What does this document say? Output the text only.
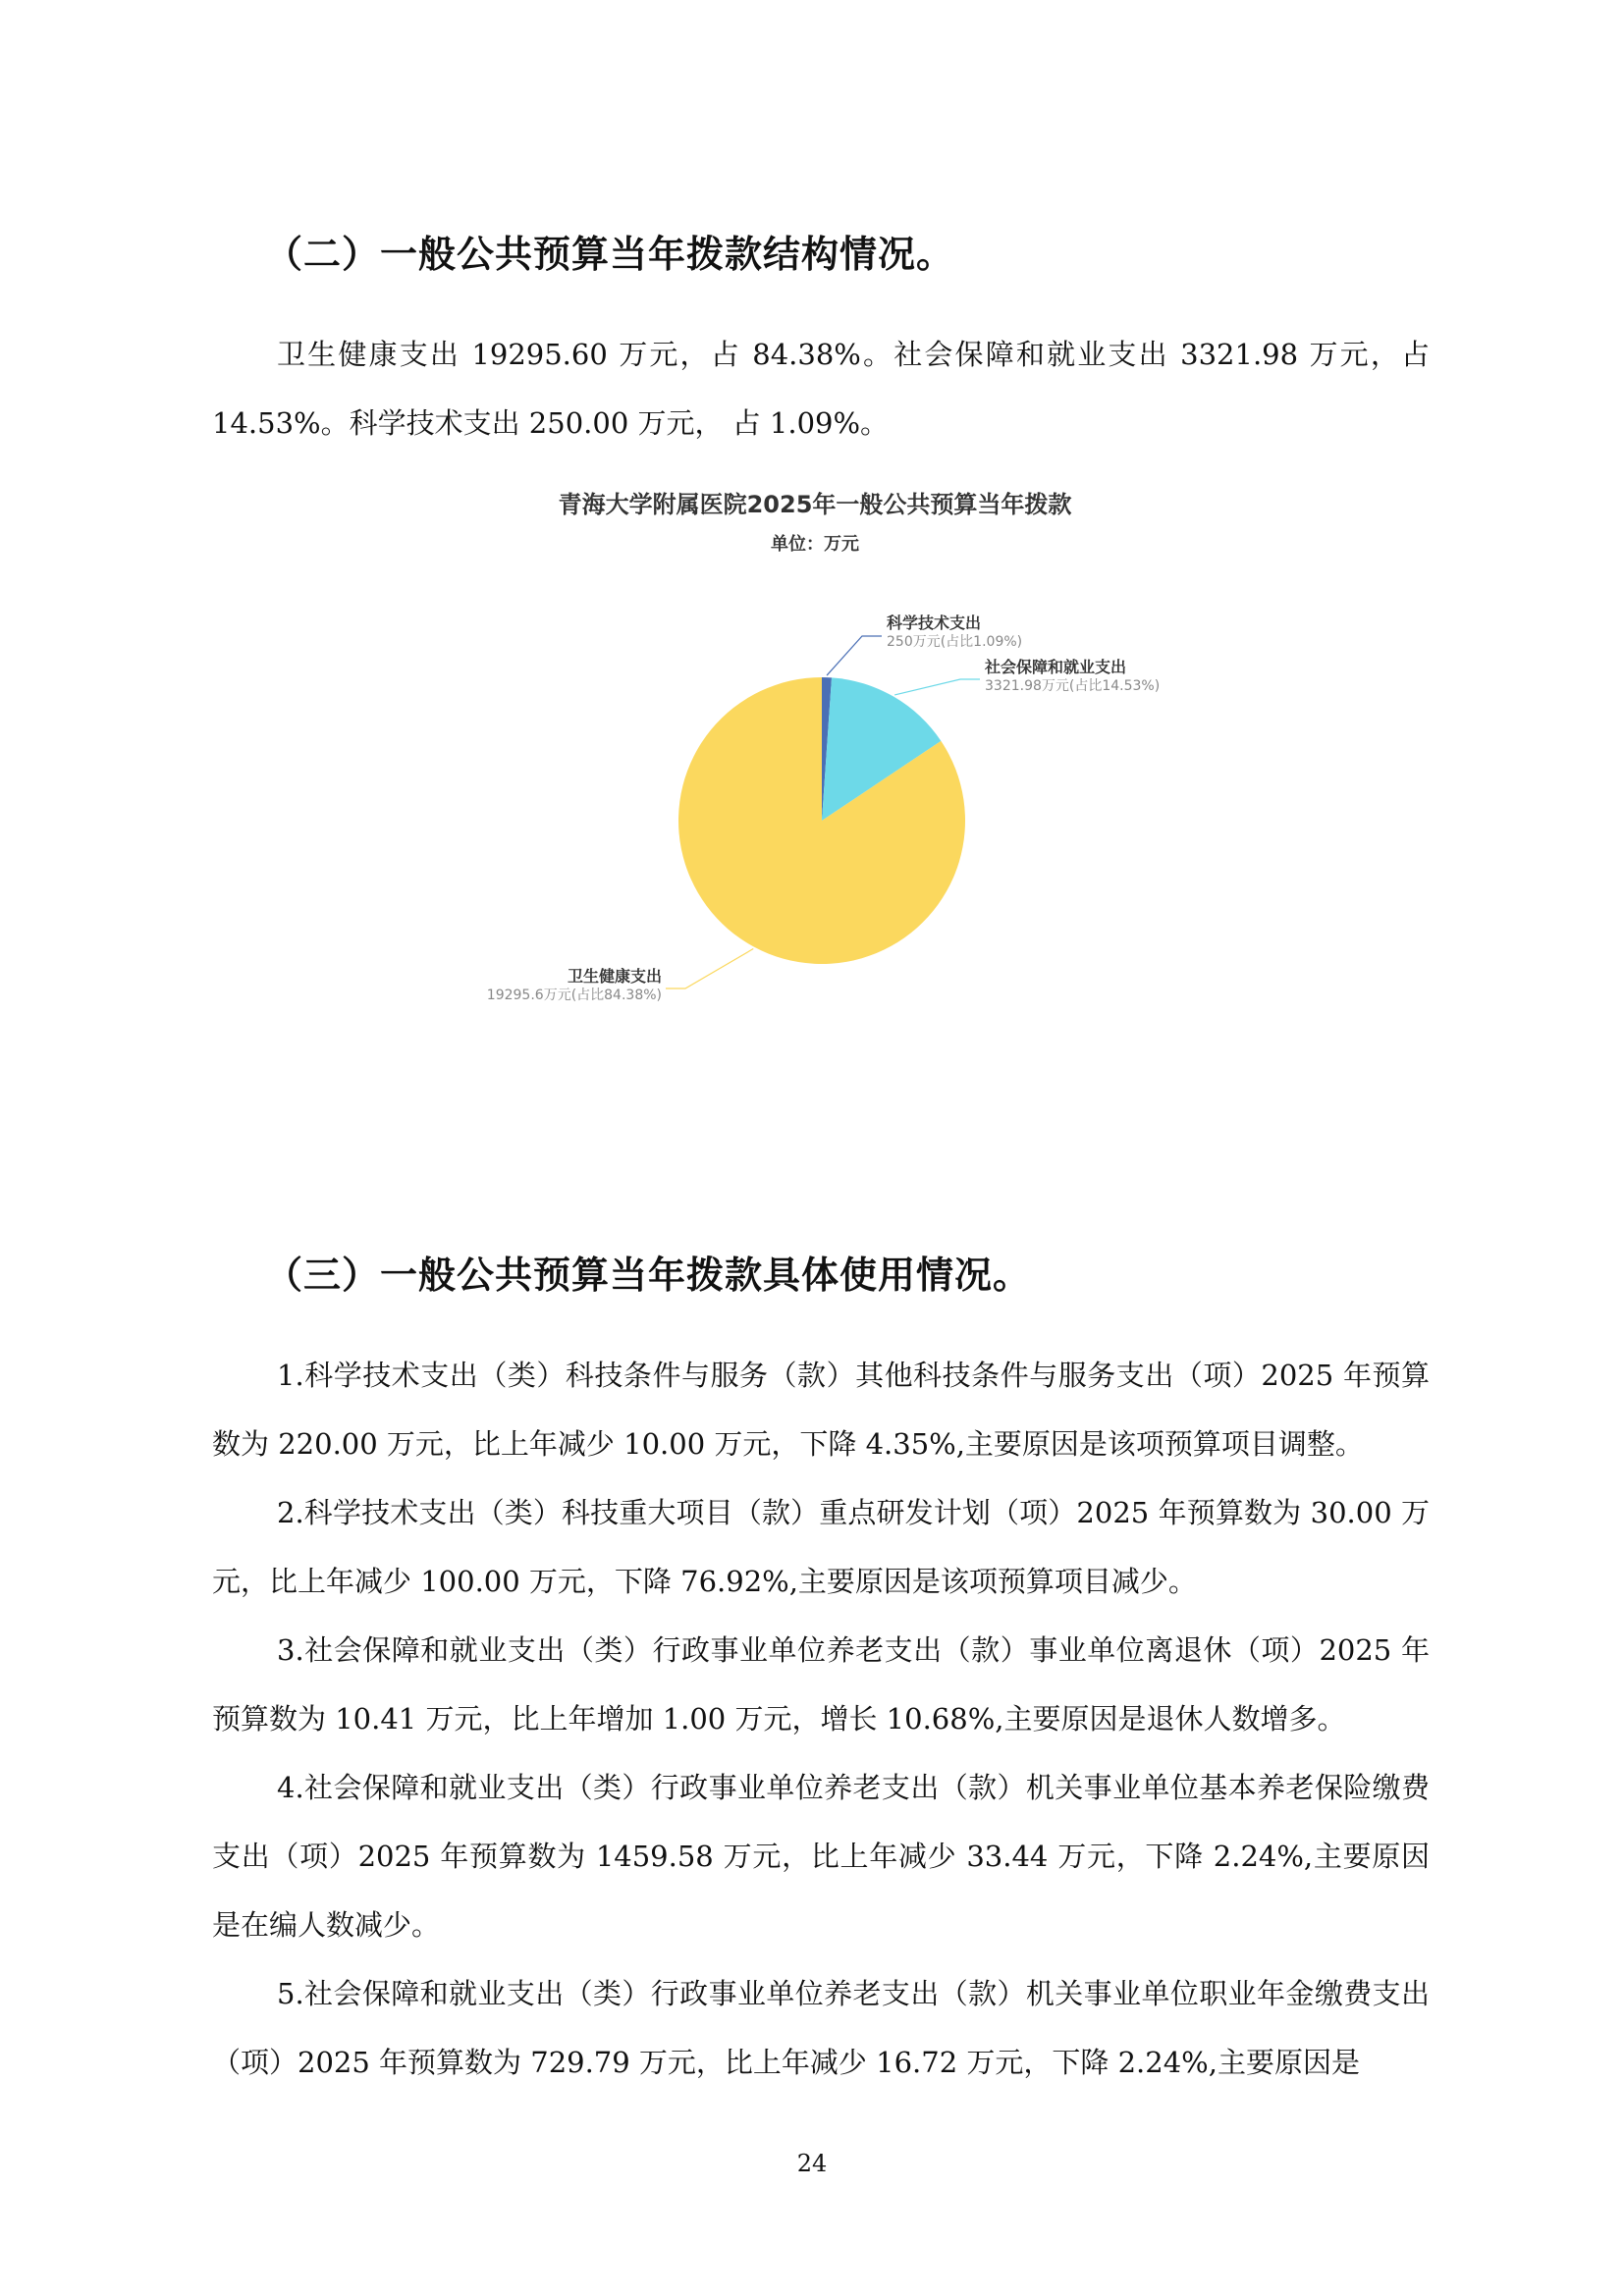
（二）一般公共预算当年拨款结构情况。

卫生健康支出 19295.60 万元，占 84.38%。社会保障和就业支出 3321.98 万元，占 14.53%。科学技术支出 250.00 万元， 占 1.09%。

青海大学附属医院2025年一般公共预算当年拨款
单位：万元
科学技术支出
250万元(占比1.09%)
社会保障和就业支出
3321.98万元(占比14.53%)
卫生健康支出
19295.6万元(占比84.38%)
（三）一般公共预算当年拨款具体使用情况。

1.科学技术支出（类）科技条件与服务（款）其他科技条件与服务支出（项）2025 年预算数为 220.00 万元，比上年减少 10.00 万元，下降 4.35%,主要原因是该项预算项目调整。

2.科学技术支出（类）科技重大项目（款）重点研发计划（项）2025 年预算数为 30.00 万元，比上年减少 100.00 万元，下降 76.92%,主要原因是该项预算项目减少。

3.社会保障和就业支出（类）行政事业单位养老支出（款）事业单位离退休（项）2025 年预算数为 10.41 万元，比上年增加 1.00 万元，增长 10.68%,主要原因是退休人数增多。

4.社会保障和就业支出（类）行政事业单位养老支出（款）机关事业单位基本养老保险缴费支出（项）2025 年预算数为 1459.58 万元，比上年减少 33.44 万元，下降 2.24%,主要原因是在编人数减少。

5.社会保障和就业支出（类）行政事业单位养老支出（款）机关事业单位职业年金缴费支出（项）2025 年预算数为 729.79 万元，比上年减少 16.72 万元，下降 2.24%,主要原因是

24
